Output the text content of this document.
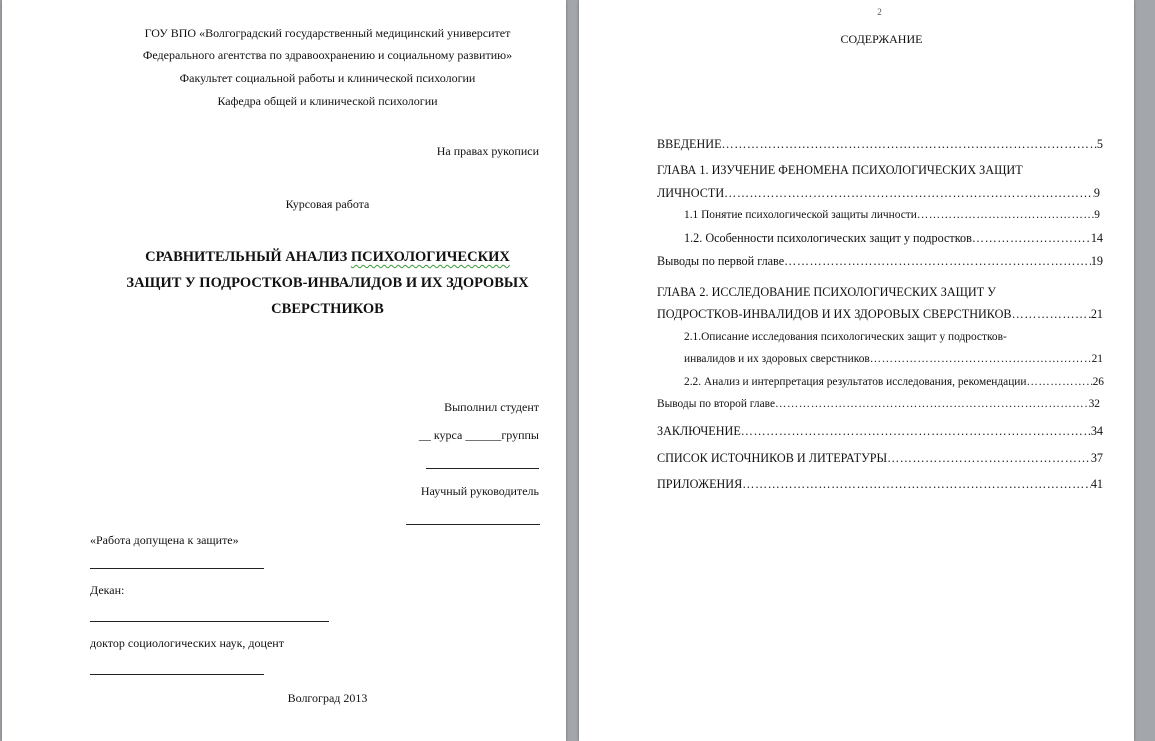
ГОУ ВПО «Волгоградский государственный медицинский университет
Федерального агентства по здравоохранению и социальному развитию»
Факультет социальной работы и клинической психологии
Кафедра общей и клинической психологии
На правах рукописи
Курсовая работа
СРАВНИТЕЛЬНЫЙ АНАЛИЗ ПСИХОЛОГИЧЕСКИХ
ЗАЩИТ У ПОДРОСТКОВ-ИНВАЛИДОВ И ИХ ЗДОРОВЫХ
СВЕРСТНИКОВ
Выполнил студент
__ курса ______группы
Научный руководитель
«Работа допущена к защите»
Декан:
доктор социологических наук, доцент
Волгоград 2013
2
СОДЕРЖАНИЕ
ВВЕДЕНИЕ …………………………………………………………………………………………………………………………………………………………………………………	5
ГЛАВА 1. ИЗУЧЕНИЕ ФЕНОМЕНА ПСИХОЛОГИЧЕСКИХ ЗАЩИТ
ЛИЧНОСТИ …………………………………………………………………………………………………………………………………………………………………………………	9
1.1 Понятие психологической защиты личности …………………………………………………………………………………………………………………………………………………………………………………	9
1.2. Особенности психологических защит у подростков …………………………………………………………………………………………………………………………………………………………………………………	14
Выводы по первой главе …………………………………………………………………………………………………………………………………………………………………………………	19
ГЛАВА 2. ИССЛЕДОВАНИЕ ПСИХОЛОГИЧЕСКИХ ЗАЩИТ У
ПОДРОСТКОВ-ИНВАЛИДОВ И ИХ ЗДОРОВЫХ СВЕРСТНИКОВ …………………………………………………………………………………………………………………………………………………………………………………	21
2.1.Описание исследования психологических защит у подростков-
инвалидов и их здоровых сверстников …………………………………………………………………………………………………………………………………………………………………………………	21
2.2. Анализ и интерпретация результатов исследования, рекомендации …………………………………………………………………………………………………………………………………………………………………………………	26
Выводы по второй главе …………………………………………………………………………………………………………………………………………………………………………………	32
ЗАКЛЮЧЕНИЕ …………………………………………………………………………………………………………………………………………………………………………………	34
СПИСОК ИСТОЧНИКОВ И ЛИТЕРАТУРЫ …………………………………………………………………………………………………………………………………………………………………………………	37
ПРИЛОЖЕНИЯ …………………………………………………………………………………………………………………………………………………………………………………	41
